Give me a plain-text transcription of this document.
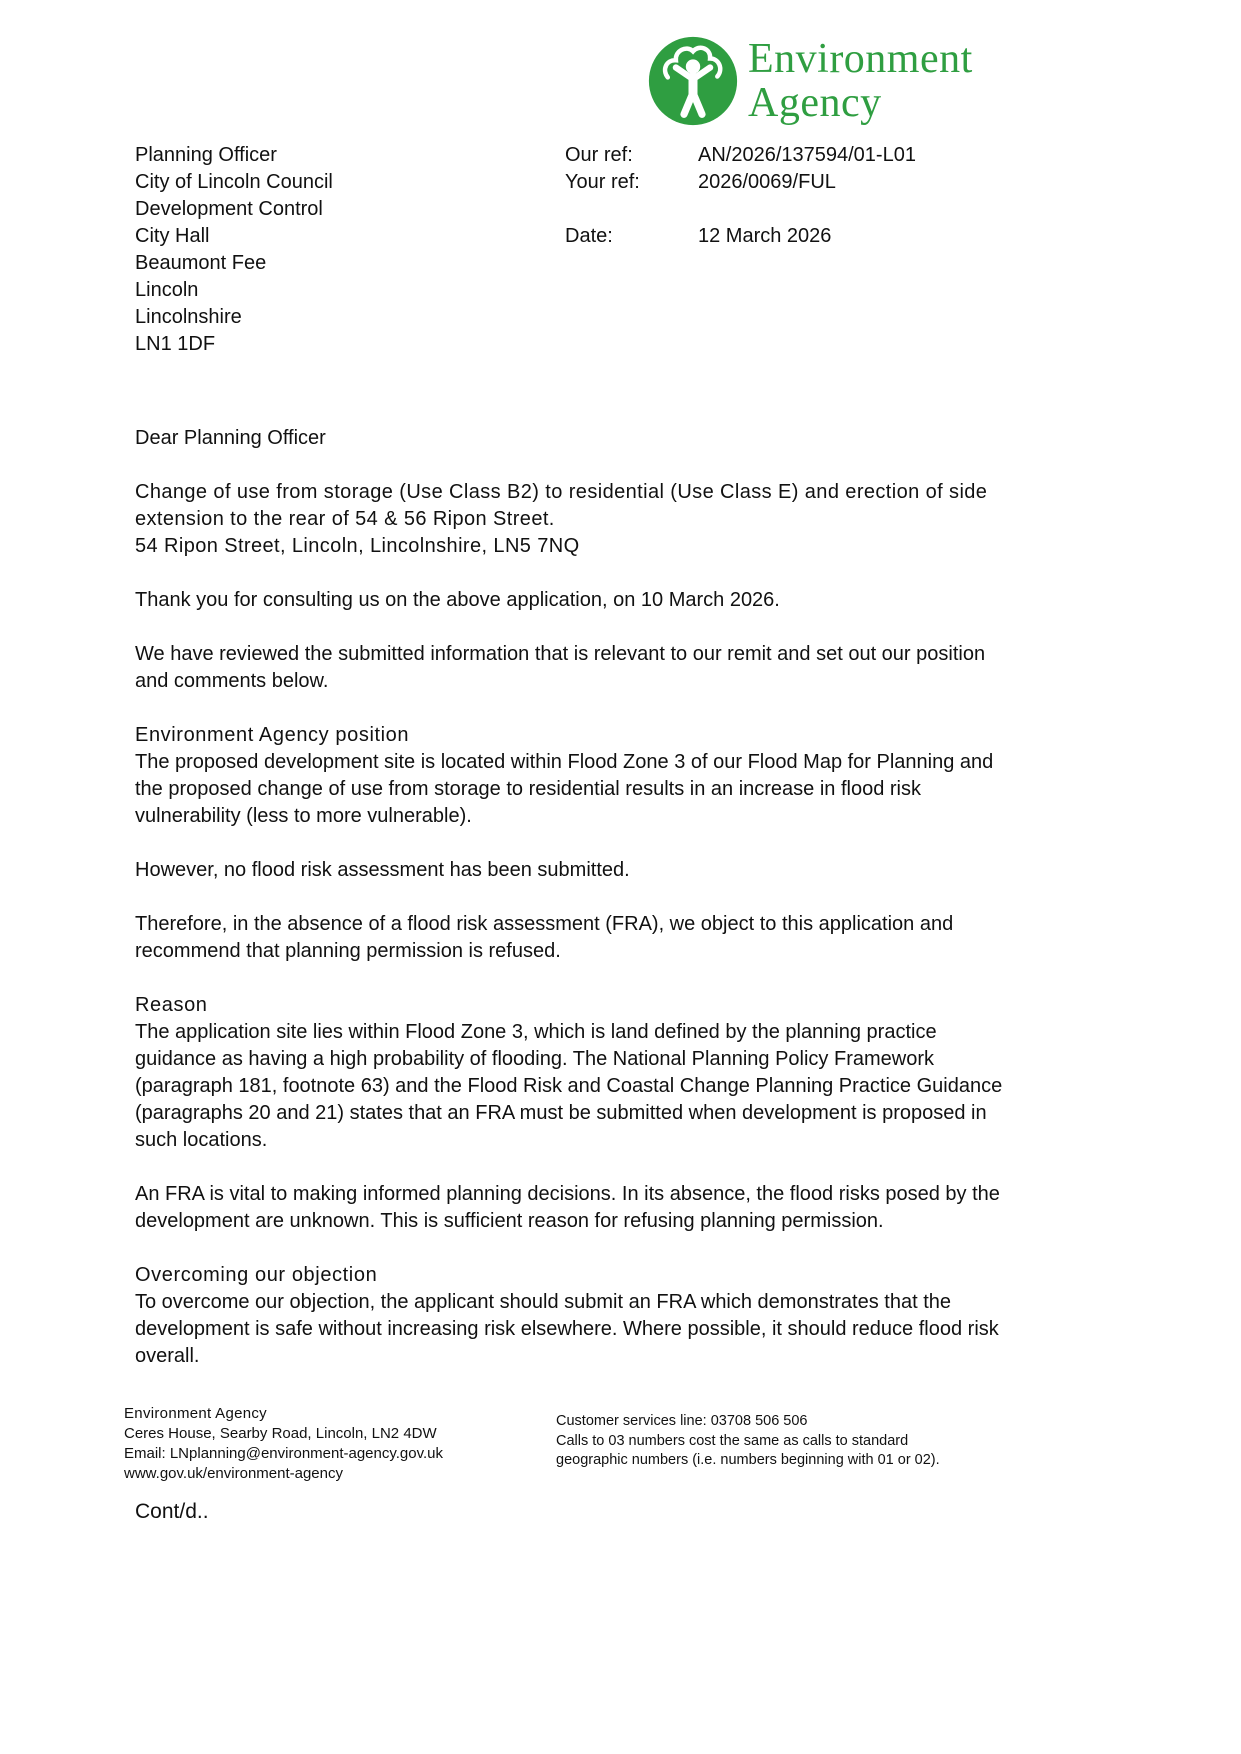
Environment
Agency
Planning Officer
City of Lincoln Council
Development Control
City Hall
Beaumont Fee
Lincoln
Lincolnshire
LN1 1DF
Our ref:	AN/2026/137594/01-L01
Your ref:	2026/0069/FUL
Date:	12 March 2026

Dear Planning Officer

Change of use from storage (Use Class B2) to residential (Use Class E) and erection of side extension to the rear of 54 & 56 Ripon Street.
54 Ripon Street, Lincoln, Lincolnshire, LN5 7NQ

Thank you for consulting us on the above application, on 10 March 2026.

We have reviewed the submitted information that is relevant to our remit and set out our position and comments below.

Environment Agency position

The proposed development site is located within Flood Zone 3 of our Flood Map for Planning and the proposed change of use from storage to residential results in an increase in flood risk vulnerability (less to more vulnerable).

However, no flood risk assessment has been submitted.

Therefore, in the absence of a flood risk assessment (FRA), we object to this application and recommend that planning permission is refused.

Reason

The application site lies within Flood Zone 3, which is land defined by the planning practice guidance as having a high probability of flooding. The National Planning Policy Framework (paragraph 181, footnote 63) and the Flood Risk and Coastal Change Planning Practice Guidance (paragraphs 20 and 21) states that an FRA must be submitted when development is proposed in such locations.

An FRA is vital to making informed planning decisions. In its absence, the flood risks posed by the development are unknown. This is sufficient reason for refusing planning permission.

Overcoming our objection

To overcome our objection, the applicant should submit an FRA which demonstrates that the development is safe without increasing risk elsewhere. Where possible, it should reduce flood risk overall.

Environment Agency
Ceres House, Searby Road, Lincoln, LN2 4DW
Email: LNplanning@environment-agency.gov.uk
www.gov.uk/environment-agency
Customer services line: 03708 506 506
Calls to 03 numbers cost the same as calls to standard
geographic numbers (i.e. numbers beginning with 01 or 02).
Cont/d..
